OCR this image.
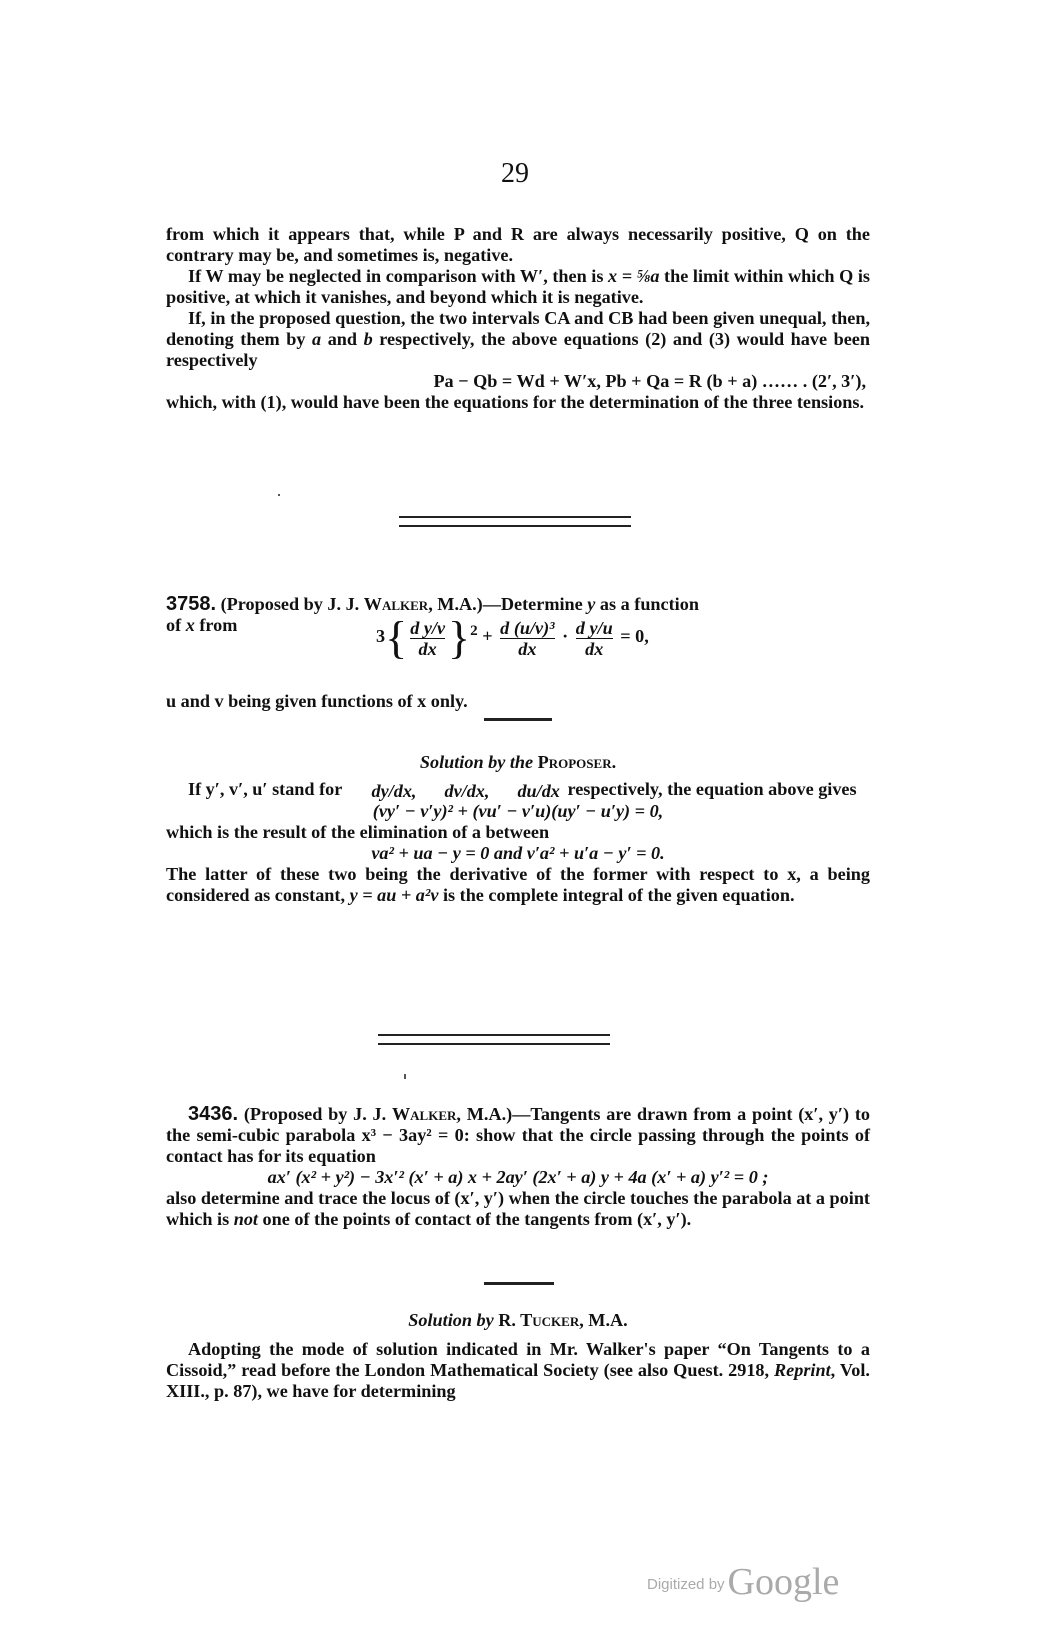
29

from which it appears that, while P and R are always necessarily positive, Q on the contrary may be, and sometimes is, negative.

If W may be neglected in comparison with W′, then is x = ⅝a the limit within which Q is positive, at which it vanishes, and beyond which it is negative.

If, in the proposed question, the two intervals CA and CB had been given unequal, then, denoting them by a and b respectively, the above equations (2) and (3) would have been respectively

Pa − Qb = Wd + W′x, Pb + Qa = R (b + a) …… . (2′, 3′),

which, with (1), would have been the equations for the determination of the three tensions.

3758. (Proposed by J. J. Walker, M.A.)—Determine y as a function

of x from
$3\{ \frac{\text{d y/v}}{dx} \}^2 + \frac{\text{d (u/v)³}}{dx} \cdot \frac{\text{d y/u}}{dx} = 0$,

u and v being given functions of x only.

Solution by the Proposer.

If y′, v′, u′ stand for	dy/dx,	dv/dx,	du/dx respectively, the equation above gives

(vy′ − v′y)² + (vu′ − v′u)(uy′ − u′y) = 0,

which is the result of the elimination of a between

va² + ua − y = 0 and v′a² + u′a − y′ = 0.

The latter of these two being the derivative of the former with respect to x, a being considered as constant, y = au + a²v is the complete integral of the given equation.

3436. (Proposed by J. J. Walker, M.A.)—Tangents are drawn from a point (x′, y′) to the semi-cubic parabola x³ − 3ay² = 0: show that the circle passing through the points of contact has for its equation

ax′ (x² + y²) − 3x′² (x′ + a) x + 2ay′ (2x′ + a) y + 4a (x′ + a) y′² = 0 ;

also determine and trace the locus of (x′, y′) when the circle touches the parabola at a point which is not one of the points of contact of the tangents from (x′, y′).

Solution by R. Tucker, M.A.

Adopting the mode of solution indicated in Mr. Walker's paper “On Tangents to a Cissoid,” read before the London Mathematical Society (see also Quest. 2918, Reprint, Vol. XIII., p. 87), we have for determining

Digitized byGoogle
